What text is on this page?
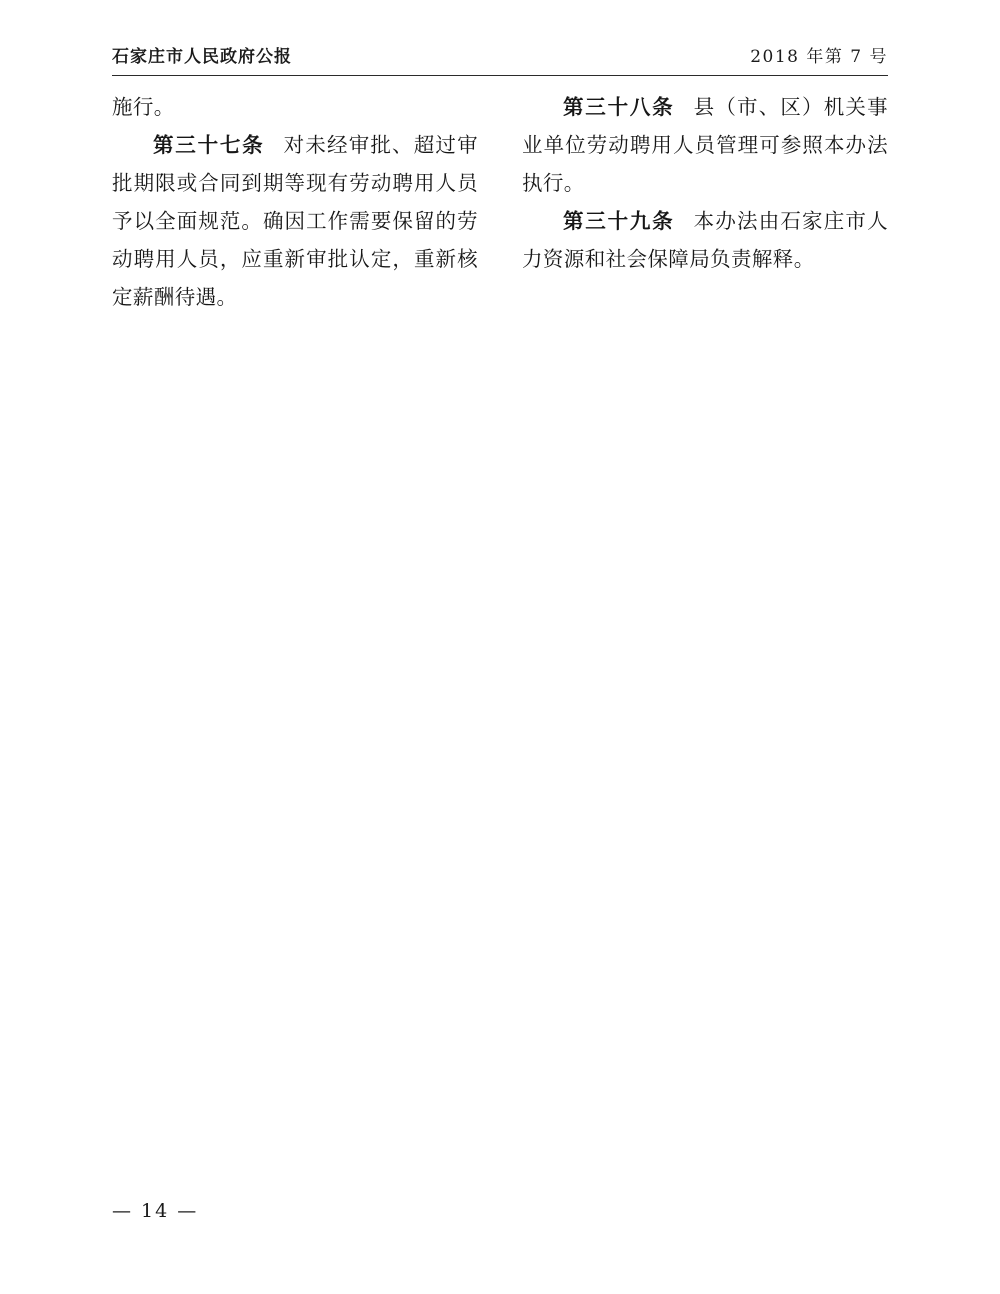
石家庄市人民政府公报	2018 年第 7 号

施行。

第三十七条 对未经审批、超过审批期限或合同到期等现有劳动聘用人员予以全面规范。确因工作需要保留的劳动聘用人员，应重新审批认定，重新核定薪酬待遇。

第三十八条 县（市、区）机关事业单位劳动聘用人员管理可参照本办法执行。

第三十九条 本办法由石家庄市人力资源和社会保障局负责解释。

— 14 —
